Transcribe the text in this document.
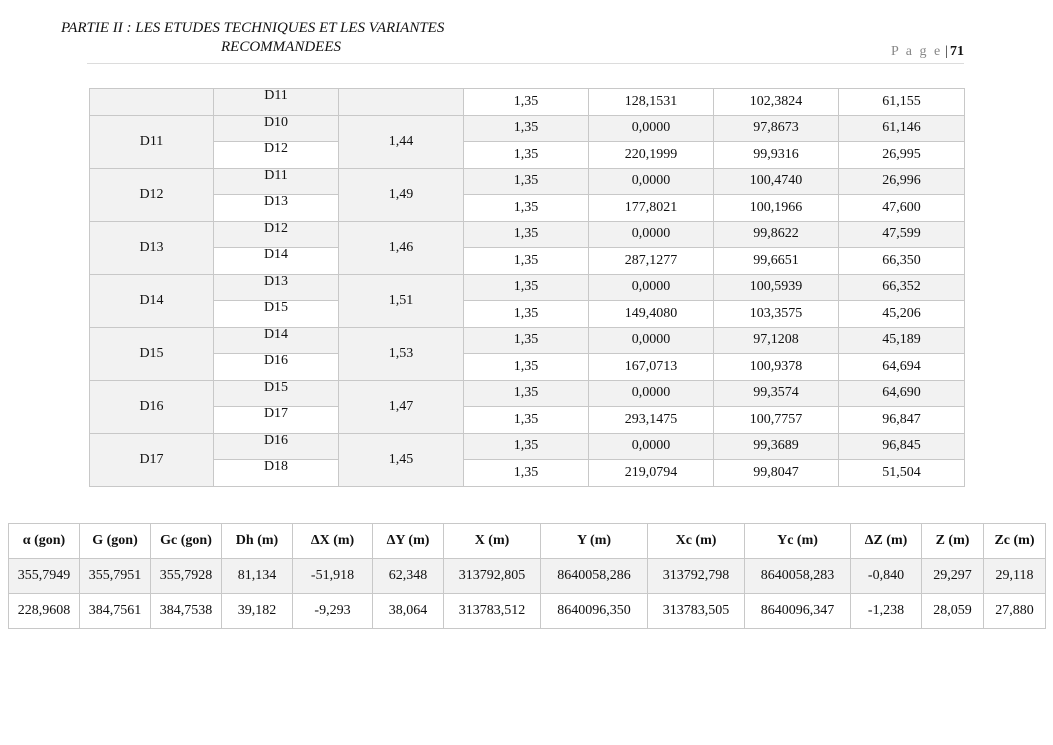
PARTIE II : LES ETUDES TECHNIQUES ET LES VARIANTES
RECOMMANDEES	P a g e | 71
	D11		1,35	128,1531	102,3824	61,155
D11	D10	1,44	1,35	0,0000	97,8673	61,146
	D12		1,35	220,1999	99,9316	26,995
D12	D11	1,49	1,35	0,0000	100,4740	26,996
	D13		1,35	177,8021	100,1966	47,600
D13	D12	1,46	1,35	0,0000	99,8622	47,599
	D14		1,35	287,1277	99,6651	66,350
D14	D13	1,51	1,35	0,0000	100,5939	66,352
	D15		1,35	149,4080	103,3575	45,206
D15	D14	1,53	1,35	0,0000	97,1208	45,189
	D16		1,35	167,0713	100,9378	64,694
D16	D15	1,47	1,35	0,0000	99,3574	64,690
	D17		1,35	293,1475	100,7757	96,847
D17	D16	1,45	1,35	0,0000	99,3689	96,845
	D18		1,35	219,0794	99,8047	51,504
α (gon)	G (gon)	Gc (gon)	Dh (m)	ΔX (m)	ΔY (m)	X (m)	Y (m)	Xc (m)	Yc (m)	ΔZ (m)	Z (m)	Zc (m)
355,7949	355,7951	355,7928	81,134	-51,918	62,348	313792,805	8640058,286	313792,798	8640058,283	-0,840	29,297	29,118
228,9608	384,7561	384,7538	39,182	-9,293	38,064	313783,512	8640096,350	313783,505	8640096,347	-1,238	28,059	27,880
